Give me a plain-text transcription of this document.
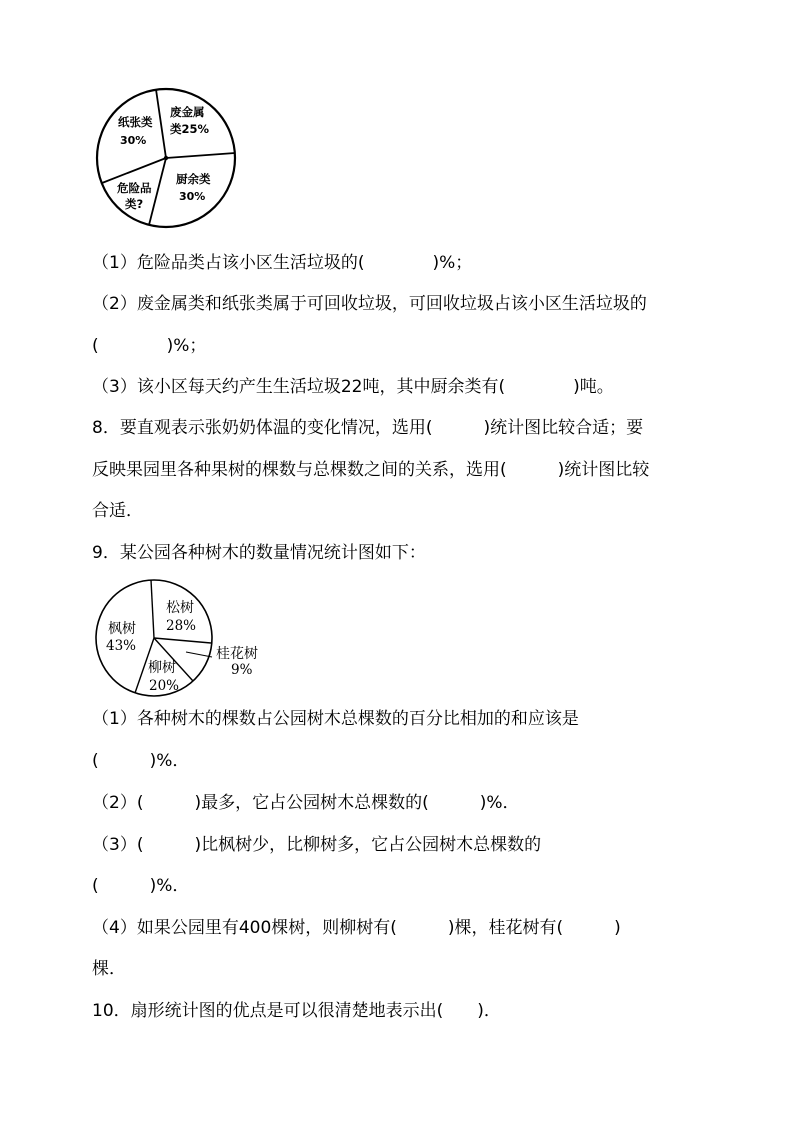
纸张类
30%
废金属
类25%
厨余类
30%
危险品
类?
（1）危险品类占该小区生活垃圾的(　　　　)%；
（2）废金属类和纸张类属于可回收垃圾，可回收垃圾占该小区生活垃圾的
(　　　　)%；
（3）该小区每天约产生生活垃圾22吨，其中厨余类有(　　　　)吨。
8．要直观表示张奶奶体温的变化情况，选用(　　　)统计图比较合适；要
反映果园里各种果树的棵数与总棵数之间的关系，选用(　　　)统计图比较
合适．
9．某公园各种树木的数量情况统计图如下：
枫树
43%
松树
28%
桂花树
9%
柳树
20%
（1）各种树木的棵数占公园树木总棵数的百分比相加的和应该是
(　　　)%．
（2）(　　　)最多，它占公园树木总棵数的(　　　)%．
（3）(　　　)比枫树少，比柳树多，它占公园树木总棵数的
(　　　)%．
（4）如果公园里有400棵树，则柳树有(　　　)棵，桂花树有(　　　)
棵．
10．扇形统计图的优点是可以很清楚地表示出(　　)．
